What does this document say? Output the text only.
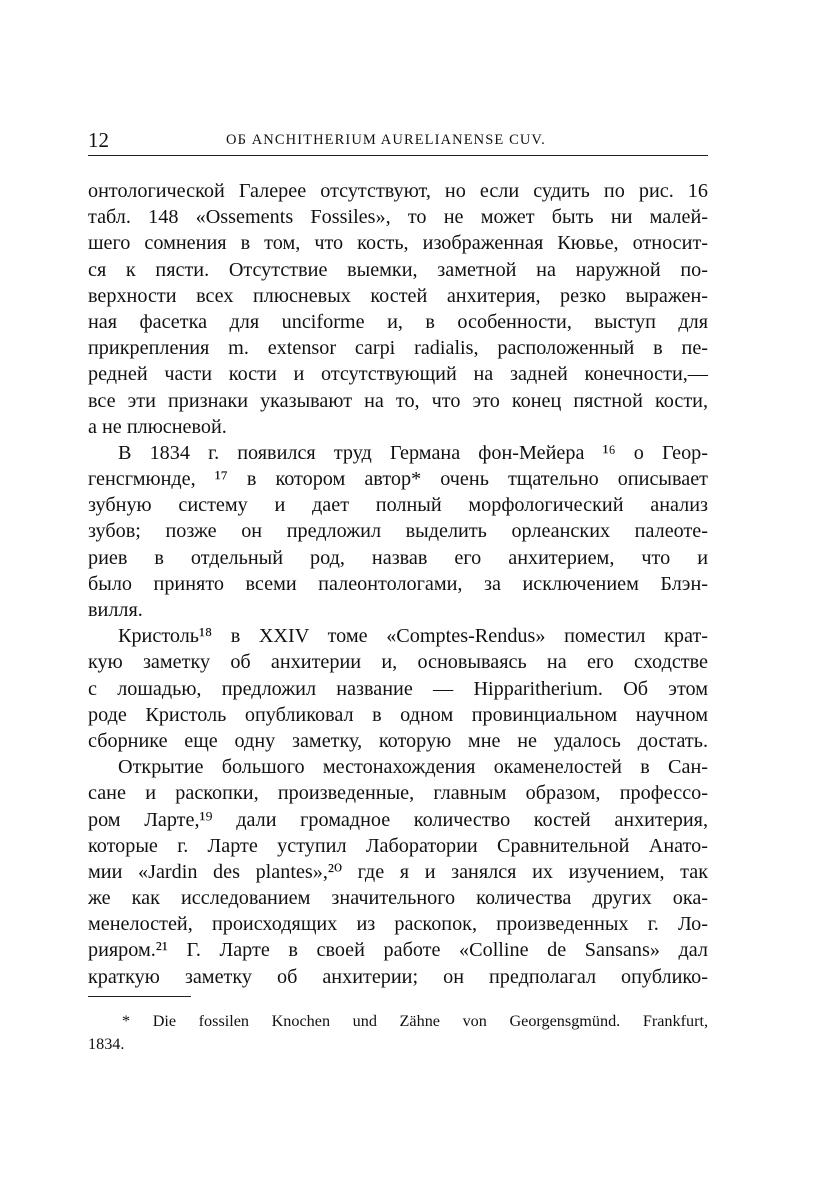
12	ОБ ANCHITHERIUM AURELIANENSE CUV.
онтологической Галерее отсутствуют, но если судить по рис. 16
табл. 148 «Ossements Fossiles», то не может быть ни малей-
шего сомнения в том, что кость, изображенная Кювье, относит-
ся к пясти. Отсутствие выемки, заметной на наружной по-
верхности всех плюсневых костей анхитерия, резко выражен-
ная фасетка для unciforme и, в особенности, выступ для
прикрепления m. extensor carpi radialis, расположенный в пе-
редней части кости и отсутствующий на задней конечности,—
все эти признаки указывают на то, что это конец пястной кости,
а не плюсневой.
В 1834 г. появился труд Германа фон-Мейера ¹⁶ о Геор-
генсгмюнде, ¹⁷ в котором автор* очень тщательно описывает
зубную систему и дает полный морфологический анализ
зубов; позже он предложил выделить орлеанских палеоте-
риев в отдельный род, назвав его анхитерием, что и
было принято всеми палеонтологами, за исключением Блэн-
вилля.
Кристоль¹⁸ в XXIV томе «Comptes-Rendus» поместил крат-
кую заметку об анхитерии и, основываясь на его сходстве
с лошадью, предложил название — Hipparitherium. Об этом
роде Кристоль опубликовал в одном провинциальном научном
сборнике еще одну заметку, которую мне не удалось достать.
Открытие большого местонахождения окаменелостей в Сан-
сане и раскопки, произведенные, главным образом, профессо-
ром Ларте,¹⁹ дали громадное количество костей анхитерия,
которые г. Ларте уступил Лаборатории Сравнительной Анато-
мии «Jardin des plantes»,²⁰ где я и занялся их изучением, так
же как исследованием значительного количества других ока-
менелостей, происходящих из раскопок, произведенных г. Ло-
рияром.²¹ Г. Ларте в своей работе «Colline de Sansans» дал
краткую заметку об анхитерии; он предполагал опублико-
* Die fossilen Knochen und Zähne von Georgensgmünd. Frankfurt,
1834.
